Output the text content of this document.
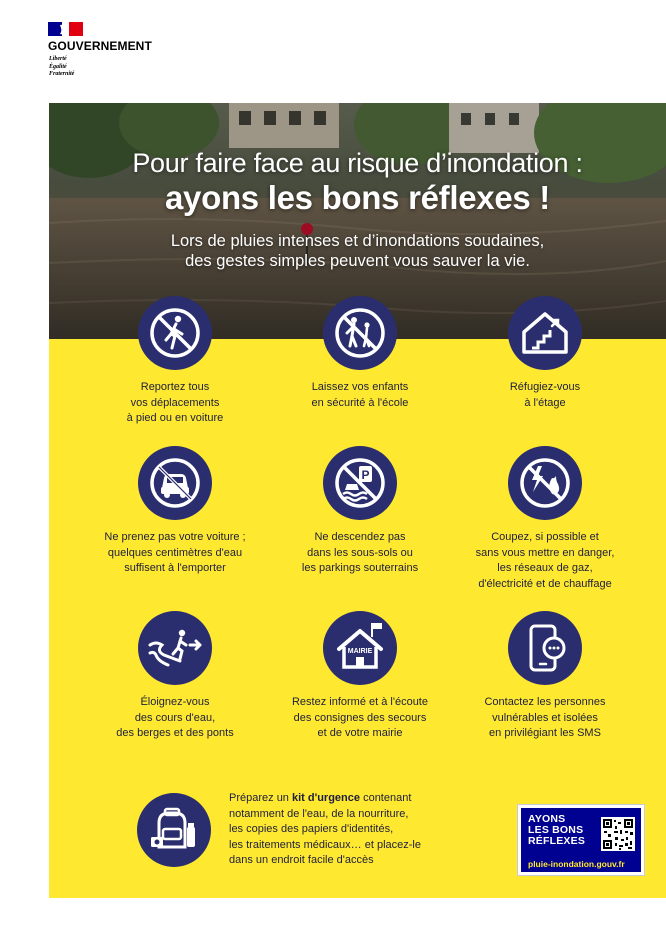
GOUVERNEMENT
Liberté
Égalité
Fraternité
Pour faire face au risque d’inondation :
ayons les bons réflexes !
Lors de pluies intenses et d’inondations soudaines,
des gestes simples peuvent vous sauver la vie.
Reportez tous
vos déplacements
à pied ou en voiture
Laissez vos enfants
en sécurité à l'école
Réfugiez-vous
à l'étage
Ne prenez pas votre voiture ;
quelques centimètres d'eau
suffisent à l'emporter
P
Ne descendez pas
dans les sous-sols ou
les parkings souterrains
Coupez, si possible et
sans vous mettre en danger,
les réseaux de gaz,
d'électricité et de chauffage
Éloignez-vous
des cours d'eau,
des berges et des ponts
MAIRIE
Restez informé et à l'écoute
des consignes des secours
et de votre mairie
Contactez les personnes
vulnérables et isolées
en privilégiant les SMS
Préparez un kit d'urgence contenant
notamment de l'eau, de la nourriture,
les copies des papiers d'identités,
les traitements médicaux… et placez-le
dans un endroit facile d'accès
AYONS
LES BONS
RÉFLEXES
pluie-inondation.gouv.fr
